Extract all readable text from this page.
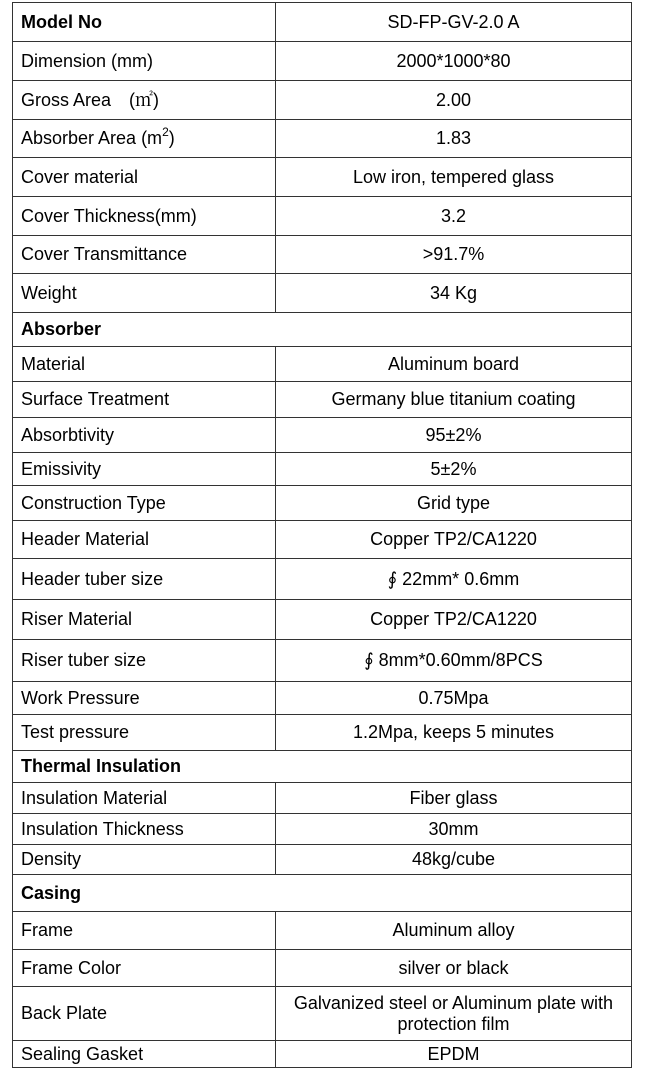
Model No	SD-FP-GV-2.0 A
Dimension (mm)	2000*1000*80
Gross Area　(㎡)	2.00
Absorber Area $(m^2)$	1.83
Cover material	Low iron, tempered glass
Cover Thickness(mm)	3.2
Cover Transmittance	>91.7%
Weight	34 Kg
Absorber	
Material	Aluminum board
Surface Treatment	Germany blue titanium coating
Absorbtivity	95±2%
Emissivity	5±2%
Construction Type	Grid type
Header Material	Copper TP2/CA1220
Header tuber size	∮ 22mm* 0.6mm
Riser Material	Copper TP2/CA1220
Riser tuber size	∮ 8mm*0.60mm/8PCS
Work Pressure	0.75Mpa
Test pressure	1.2Mpa, keeps 5 minutes
Thermal Insulation	
Insulation Material	Fiber glass
Insulation Thickness	30mm
Density	48kg/cube
Casing	
Frame	Aluminum alloy
Frame Color	silver or black
Back Plate	Galvanized steel or Aluminum plate with protection film
Sealing Gasket	EPDM
